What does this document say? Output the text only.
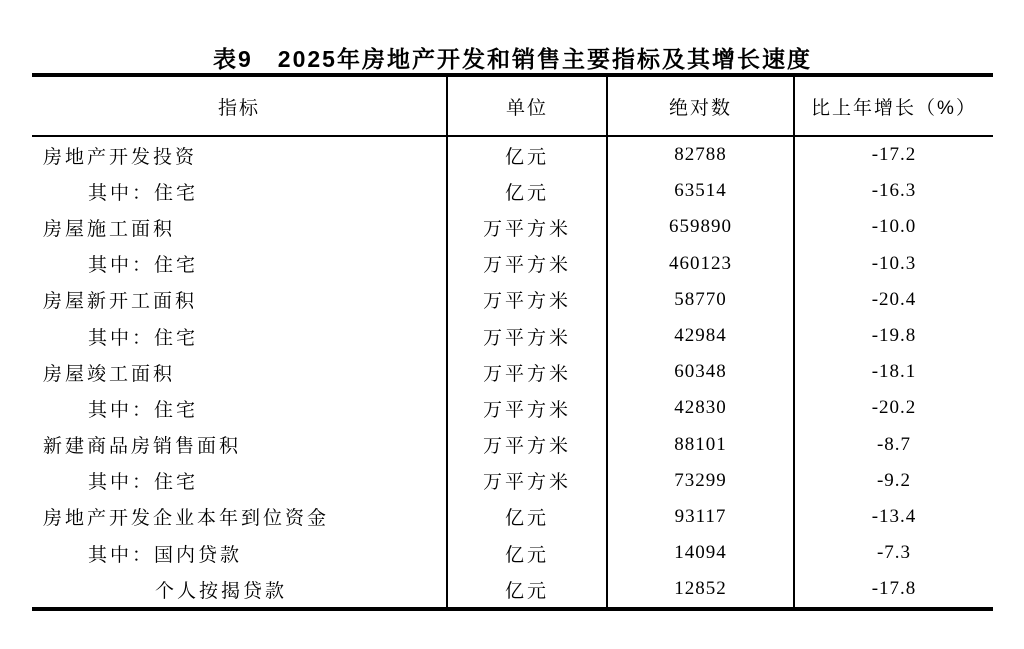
表9　2025年房地产开发和销售主要指标及其增长速度
指标	单位	绝对数	比上年增长（%）
房地产开发投资	亿元	82788	-17.2
其中：住宅	亿元	63514	-16.3
房屋施工面积	万平方米	659890	-10.0
其中：住宅	万平方米	460123	-10.3
房屋新开工面积	万平方米	58770	-20.4
其中：住宅	万平方米	42984	-19.8
房屋竣工面积	万平方米	60348	-18.1
其中：住宅	万平方米	42830	-20.2
新建商品房销售面积	万平方米	88101	-8.7
其中：住宅	万平方米	73299	-9.2
房地产开发企业本年到位资金	亿元	93117	-13.4
其中：国内贷款	亿元	14094	-7.3
个人按揭贷款	亿元	12852	-17.8
